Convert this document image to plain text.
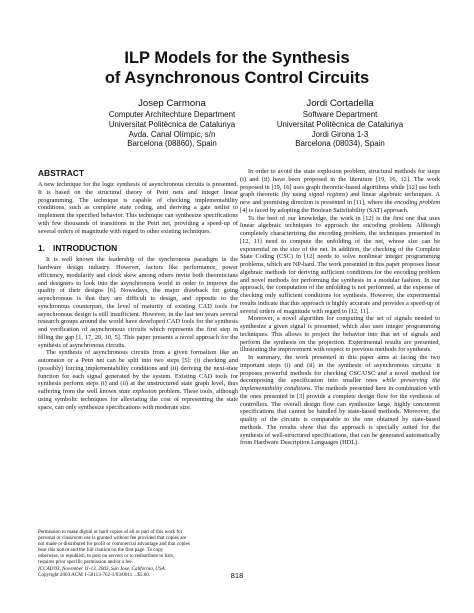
ILP Models for the Synthesis
of Asynchronous Control Circuits
Josep Carmona
Computer Architechture Department
Universitat Politècnica de Catalunya
Avda. Canal Olímpic, s/n
Barcelona (08860), Spain
Jordi Cortadella
Software Department
Universitat Politècnica de Catalunya
Jordi Girona 1-3
Barcelona (08034), Spain
ABSTRACT

A new technique for the logic synthesis of asynchronous circuits is presented. It is based on the structural theory of Petri nets and integer linear programming. The technique is capable of checking implementability conditions, such as complete state coding, and deriving a gate netlist to implement the specified behavior. This technique can synthesize specifications with few thousands of transitions in the Petri net, providing a speed-up of several orders of magnitude with regard to other existing techniques.

1. INTRODUCTION

It is well known the leadership of the synchronous paradigm in the hardware design industry. However, factors like performance, power efficiency, modularity and clock skew among others invite both theoreticians and designers to look into the asynchronous world in order to improve the quality of their designs [6]. Nowadays, the major drawback for going asynchronous is that they are difficult to design, and opposite to the synchronous counterpart, the level of maturity of existing CAD tools for asynchronous design is still insufficient. However, in the last ten years several research groups around the world have developed CAD tools for the synthesis and verification of asynchronous circuits which represents the first step in filling the gap [1, 17, 20, 10, 5]. This paper presents a novel approach for the synthesis of asynchronous circuits.

The synthesis of asynchronous circuits from a given formalism like an automaton or a Petri net can be split into two steps [5]: (i) checking and (possibly) forcing implementability conditions and (ii) deriving the next-state function for each signal generated by the system. Existing CAD tools for synthesis perform steps (i) and (ii) at the unstructured state graph level, thus suffering from the well known state explosion problem. These tools, although using symbolic techniques for alleviating the cost of representing the state space, can only synthesize specifications with moderate size.

In order to avoid the state explosion problem, structural methods for steps (i) and (ii) have been proposed in the literature [19, 16, 12]. The work proposed in [19, 16] uses graph theoretic-based algorithms while [12] use both graph theoretic (by using signal regions) and linear algebraic techniques. A new and promising direction is presented in [11], where the encoding problem [4] is faced by adopting the Boolean Satisfiability (SAT) approach.

To the best of our knowledge, the work in [12] is the first one that uses linear algebraic techniques to approach the encoding problem. Although completely characterizing the encoding problem, the techniques presented in [12, 11] need to compute the unfolding of the net, whose size can be exponential on the size of the net. In addition, the checking of the Complete State Coding (CSC) in [12] needs to solve nonlinear integer programming problems, which are NP-hard. The work presented in this paper proposes linear algebraic methods for deriving sufficient conditions for the encoding problem and novel methods for performing the synthesis in a modular fashion. In our approach, the computation of the unfolding is not performed, at the expense of checking only sufficient conditions for synthesis. However, the experimental results indicate that this approach is highly accurate and provides a speed-up of several orders of magnitude with regard to [12, 11].

Moreover, a novel algorithm for computing the set of signals needed to synthesize a given signal is presented, which also uses integer programming techniques. This allows to project the behavior into that set of signals and perform the synthesis on the projection. Experimental results are presented, illustrating the improvement with respect to previous methods for synthesis.

In summary, the work presented in this paper aims at facing the two important steps (i) and (ii) in the synthesis of asynchronous circuits: it proposes powerful methods for checking CSC/USC and a novel method for decomposing the specification into smaller ones while preserving the implementability conditions. The methods presented here in combination with the ones presented in [3] provide a complete design flow for the synthesis of controllers. The overall design flow can synthesize large, highly concurrent specifications that cannot be handled by state-based methods. Moreover, the quality of the circuits is comparable to the one obtained by state-based methods. The results show that the approach is specially suited for the synthesis of well-structured specifications, that can be generated automatically from Hardware Description Languages (HDL).

Permission to make digital or hard copies of all or part of this work for
personal or classroom use is granted without fee provided that copies are
not made or distributed for profit or commercial advantage and that copies
bear this notice and the full citation on the first page. To copy
otherwise, to republish, to post on servers or to redistribute to lists,
requires prior specific permission and/or a fee.
ICCAD'03, November 11-13, 2003, San Jose, California, USA.
Copyright 2003 ACM 1-58113-762-1/03/0011 ...$5.00.	818
